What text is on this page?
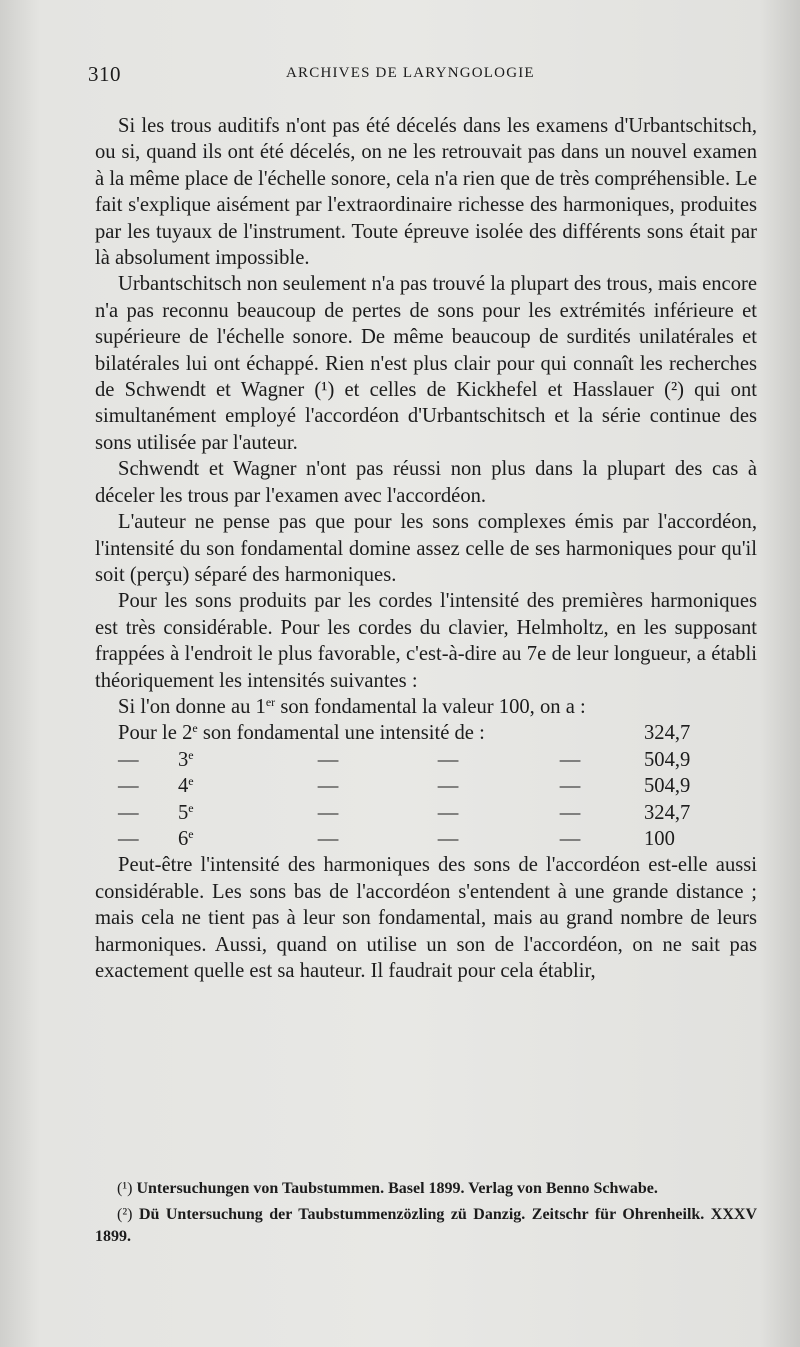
310	ARCHIVES DE LARYNGOLOGIE

Si les trous auditifs n'ont pas été décelés dans les examens d'Urbantschitsch, ou si, quand ils ont été décelés, on ne les retrouvait pas dans un nouvel examen à la même place de l'échelle sonore, cela n'a rien que de très compréhensible. Le fait s'explique aisément par l'extraordinaire richesse des harmoniques, produites par les tuyaux de l'instrument. Toute épreuve isolée des différents sons était par là absolument impossible.

Urbantschitsch non seulement n'a pas trouvé la plupart des trous, mais encore n'a pas reconnu beaucoup de pertes de sons pour les extrémités inférieure et supérieure de l'échelle sonore. De même beaucoup de surdités unilatérales et bilatérales lui ont échappé. Rien n'est plus clair pour qui connaît les recherches de Schwendt et Wagner (¹) et celles de Kickhefel et Hasslauer (²) qui ont simultanément employé l'accordéon d'Urbantschitsch et la série continue des sons utilisée par l'auteur.

Schwendt et Wagner n'ont pas réussi non plus dans la plupart des cas à déceler les trous par l'examen avec l'accordéon.

L'auteur ne pense pas que pour les sons complexes émis par l'accordéon, l'intensité du son fondamental domine assez celle de ses harmoniques pour qu'il soit (perçu) séparé des harmoniques.

Pour les sons produits par les cordes l'intensité des premières harmoniques est très considérable. Pour les cordes du clavier, Helmholtz, en les supposant frappées à l'endroit le plus favorable, c'est-à-dire au 7e de leur longueur, a établi théoriquement les intensités suivantes :

Si l'on donne au 1er son fondamental la valeur 100, on a :
Pour le 2e son fondamental une intensité de :					324,7
—	3e	—	—	—	504,9
—	4e	—	—	—	504,9
—	5e	—	—	—	324,7
—	6e	—	—	—	100

Peut-être l'intensité des harmoniques des sons de l'accordéon est-elle aussi considérable. Les sons bas de l'accordéon s'entendent à une grande distance ; mais cela ne tient pas à leur son fondamental, mais au grand nombre de leurs harmoniques. Aussi, quand on utilise un son de l'accordéon, on ne sait pas exactement quelle est sa hauteur. Il faudrait pour cela établir,

(¹) Untersuchungen von Taubstummen. Basel 1899. Verlag von Benno Schwabe.

(²) Dü Untersuchung der Taubstummenzözling zü Danzig. Zeitschr für Ohrenheilk. XXXV 1899.
